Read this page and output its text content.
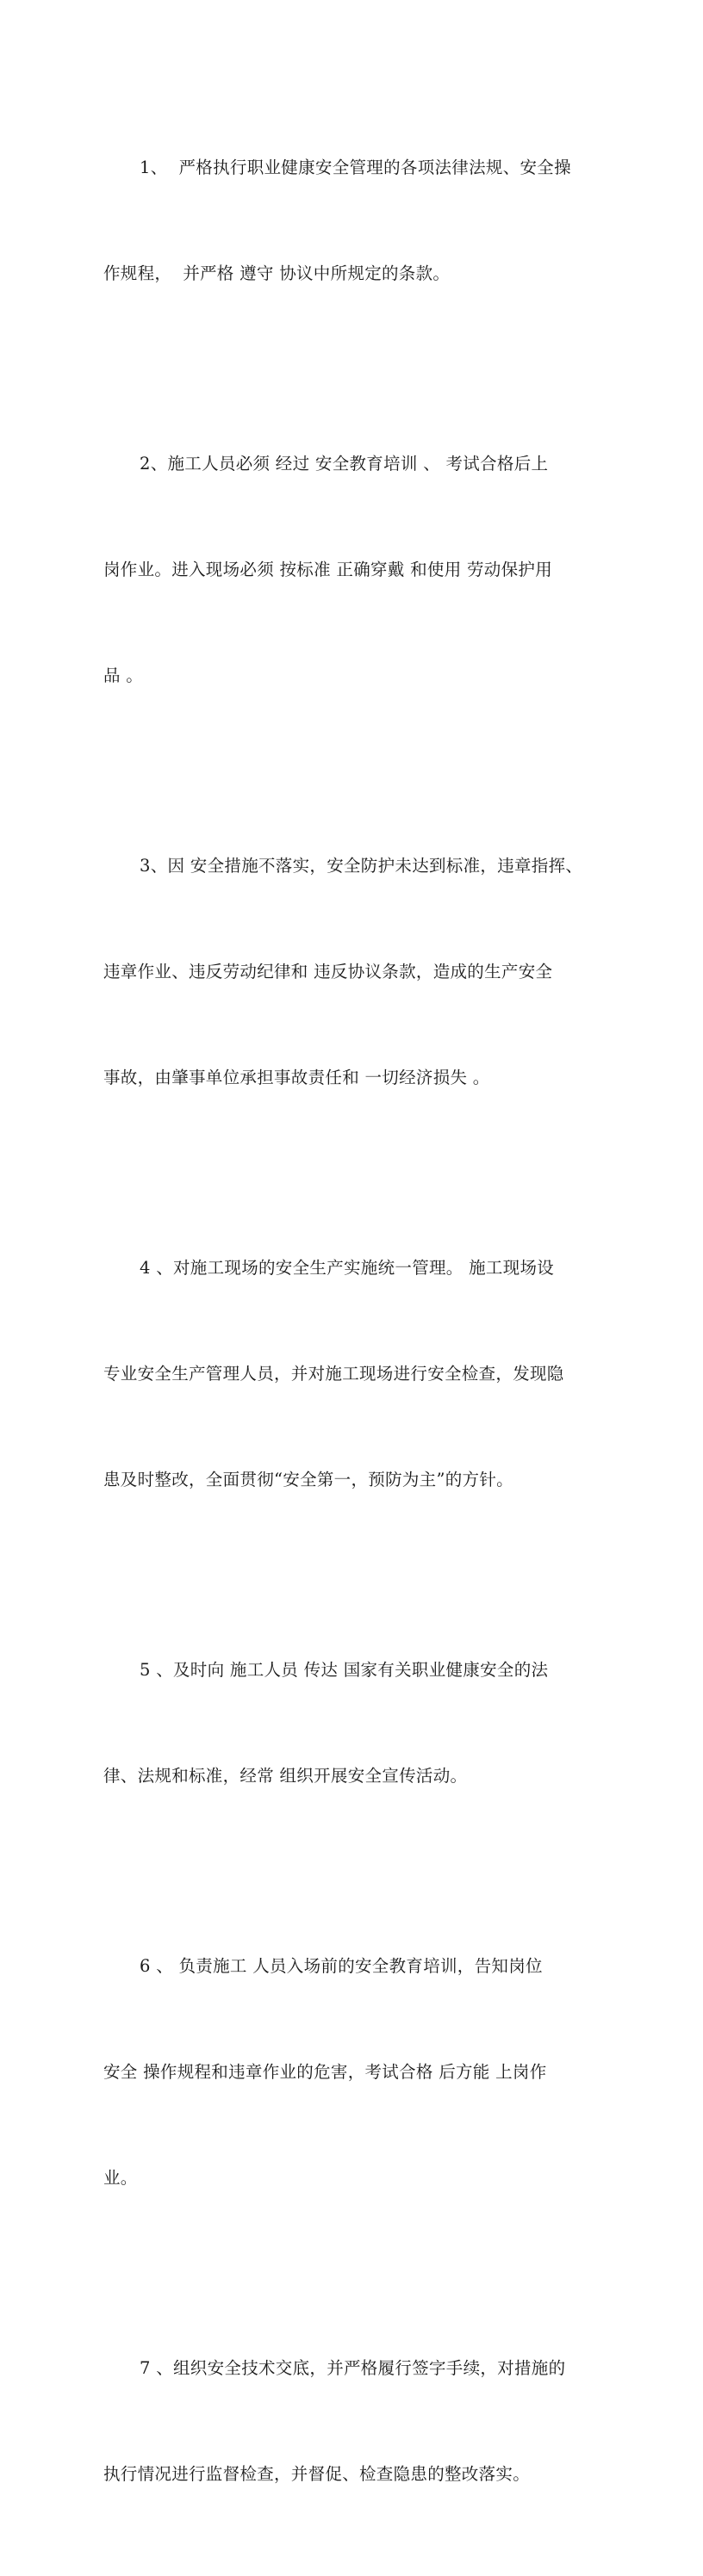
1、  严格执行职业健康安全管理的各项法律法规、安全操

作规程，  并严格 遵守 协议中所规定的条款。

2、施工人员必须 经过 安全教育培训 、 考试合格后上

岗作业。进入现场必须 按标准 正确穿戴 和使用 劳动保护用

品 。

3、因 安全措施不落实，安全防护未达到标准，违章指挥、

违章作业、违反劳动纪律和 违反协议条款，造成的生产安全

事故，由肇事单位承担事故责任和 一切经济损失 。

4 、对施工现场的安全生产实施统一管理。 施工现场设

专业安全生产管理人员，并对施工现场进行安全检查，发现隐

患及时整改，全面贯彻“安全第一，预防为主”的方针。

5 、及时向 施工人员 传达 国家有关职业健康安全的法

律、法规和标准，经常 组织开展安全宣传活动。

6 、 负责施工 人员入场前的安全教育培训，告知岗位

安全 操作规程和违章作业的危害，考试合格 后方能 上岗作

业。

7 、组织安全技术交底，并严格履行签字手续，对措施的

执行情况进行监督检查，并督促、检查隐患的整改落实。
